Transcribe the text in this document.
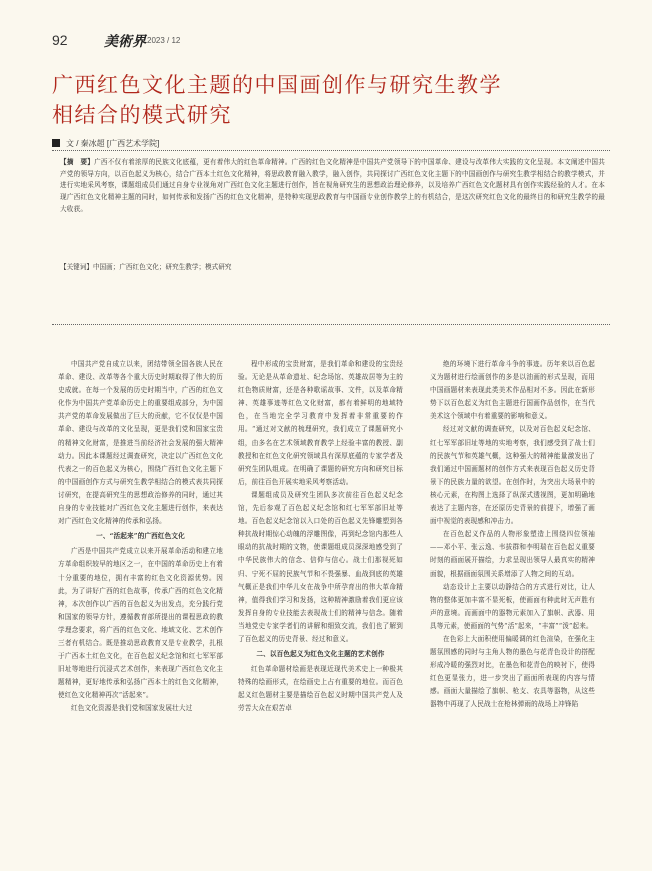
92	美術界 2023 / 12
广西红色文化主题的中国画创作与研究生教学
相结合的模式研究
文 / 秦冰超 [广西艺术学院]
【摘　要】广西不仅有着浓厚的民族文化底蕴，更有着伟大的红色革命精神。广西的红色文化精神是中国共产党领导下的中国革命、建设与改革伟大实践的文化呈现。本文阐述中国共产党的领导方向，以百色起义为核心，结合广西本土红色文化精神，将思政教育融入教学，融入创作，共同探讨广西红色文化主题下的中国画创作与研究生教学相结合的教学模式，并进行实地采风考察，课题组成员们通过自身专业视角对广西红色文化主题进行创作，旨在视角研究生的思想政治理论修养，以及培养广西红色文化题材具有创作实践经验的人才。在本现广西红色文化精神主题的同时，如何传承和发扬广西的红色文化精神，是特种实现思政教育与中国画专业创作教学上的有机结合，是这次研究红色文化的最终目的和研究生教学的最大收获。
【关键词】中国画；广西红色文化；研究生教学；模式研究

中国共产党自成立以来，团结带领全国各族人民在革命、建设、改革等各个重大历史时期取得了伟大的历史成就。在每一个发展的历史时期当中，广西的红色文化作为中国共产党革命历史上的重要组成部分，为中国共产党的革命发展做出了巨大的贡献，它不仅仅是中国革命、建设与改革的文化呈现，更是我们党和国家宝贵的精神文化财富，是推进当前经济社会发展的强大精神动力。因此本课题经过调查研究，决定以广西红色文化代表之一的百色起义为核心，围绕广西红色文化主题下的中国画创作方式与研究生教学相结合的模式表共同探讨研究，在提高研究生的思想政治修养的同时，通过其自身的专业技能对广西红色文化主题进行创作，来表达对广西红色文化精神的传承和弘扬。

一、“活起来”的广西红色文化

广西是中国共产党成立以来开展革命活动和建立地方革命组织较早的地区之一，在中国的革命历史上有着十分重要的地位，拥有丰富的红色文化资源优势。因此，为了讲好广西的红色故事，传承广西的红色文化精神，本次创作以广西的百色起义为出发点，充分践行党和国家的领导方针，遵循教育部所提出的课程思政的教学理念要求，将广西的红色文化、地域文化、艺术创作三者有机结合。既是推动思政教育又是专业教学，扎根于广西本土红色文化，在百色起义纪念馆和红七军军部旧址等地进行沉浸式艺术创作，来表现广西红色文化主题精神，更好地传承和弘扬广西本土的红色文化精神，使红色文化精神再次“活起来”。

红色文化资源是我们党和国家发展壮大过

程中形成的宝贵财富，是我们革命和建设的宝贵经验。无论是从革命遗址、纪念场馆、英雄故居等为主的红色物质财富，还是各种歌谣故事、文件，以及革命精神、英雄事迹等红色文化财富，都有着鲜明的地域特色，在当地完全学习教育中发挥着非常重要的作用。“通过对文献的梳理研究，我们成立了课题研究小组，由多名在艺术领域教育教学上经验丰富的教授、副教授和在红色文化研究领域具有深厚底蕴的专家学者及研究生团队组成。在明确了课题的研究方向和研究目标后，前往百色开展实地采风考察活动。

课题组成员及研究生团队多次前往百色起义纪念馆，先后参观了百色起义纪念馆和红七军军部旧址等地。百色起义纪念馆以入口处的百色起义先锋雕塑到各种抗战时期惊心动魄的浮雕图像，再到纪念馆内那些人眼动的抗战时期的文物，使课题组成员深深地感受到了中华民族伟大的信念、信仰与信心。战士们那视死如归、宁死不屈的民族气节和不畏强暴、血战到底的英雄气概正是我们中华儿女在战争中所孕育出的伟大革命精神，值得我们学习和发扬，这种精神激励着我们更应该发挥自身的专业技能去表现战士们的精神与信念。随着当地党史专家学者们的讲解和细致交流，我们也了解到了百色起义的历史背景、经过和意义。

二、以百色起义为红色文化主题的艺术创作

红色革命题材绘画是表现近现代美术史上一种极其特殊的绘画形式，在绘画史上占有重要的地位。而百色起义红色题材主要是描绘百色起义时期中国共产党人及劳苦大众在艰苦卓

绝的环境下进行革命斗争的事迹。历年来以百色起义为题材进行绘画创作的多是以油画的形式呈现，而用中国画题材来表现此类美术作品相对不多。因此在新形势下以百色起义为红色主题进行国画作品创作，在当代美术这个领域中有着重要的影响和意义。

经过对文献的调查研究，以及对百色起义纪念馆、红七军军部旧址等地的实地考察，我们感受到了战士们的民族气节和英雄气概，这种强大的精神能量激发出了我们通过中国画题材的创作方式来表现百色起义历史背景下的民族力量的欲望。在创作时，为突出大场景中的核心元素，在构图上选择了纵深式透视图，更加明确地表达了主题内容，在还原历史背景的前提下，增强了画面中视觉的表现感和冲击力。

在百色起义作品的人物形象塑造上围绕四位领袖——邓小平、张云逸、韦拔群和李明瑞在百色起义重要时刻的画面展开描绘，力求呈现出领导人最真实的精神面貌，根据画面氛围关系增添了人物之间的互动。

动态设计上主要以动静结合的方式进行对比，让人物的整体更加丰富不显死板，使画面有种此时无声胜有声的意境。而画面中的器物元素加入了旗帜、武器、用具等元素，使画面的气势“活”起来，“丰富”“泼”起来。

在色彩上大面积使用偏暖调的红色渲染，在强化主题氛围感的同时与主角人物的墨色与花青色设计的搭配形成冷暖的强烈对比，在墨色和花青色的映衬下，使得红色更显张力，进一步突出了画面所表现的内容与情感。画面大量描绘了旗帜、枪支、农具等器物，从这些器物中再现了人民战士在枪林弹雨的战场上冲锋陷
